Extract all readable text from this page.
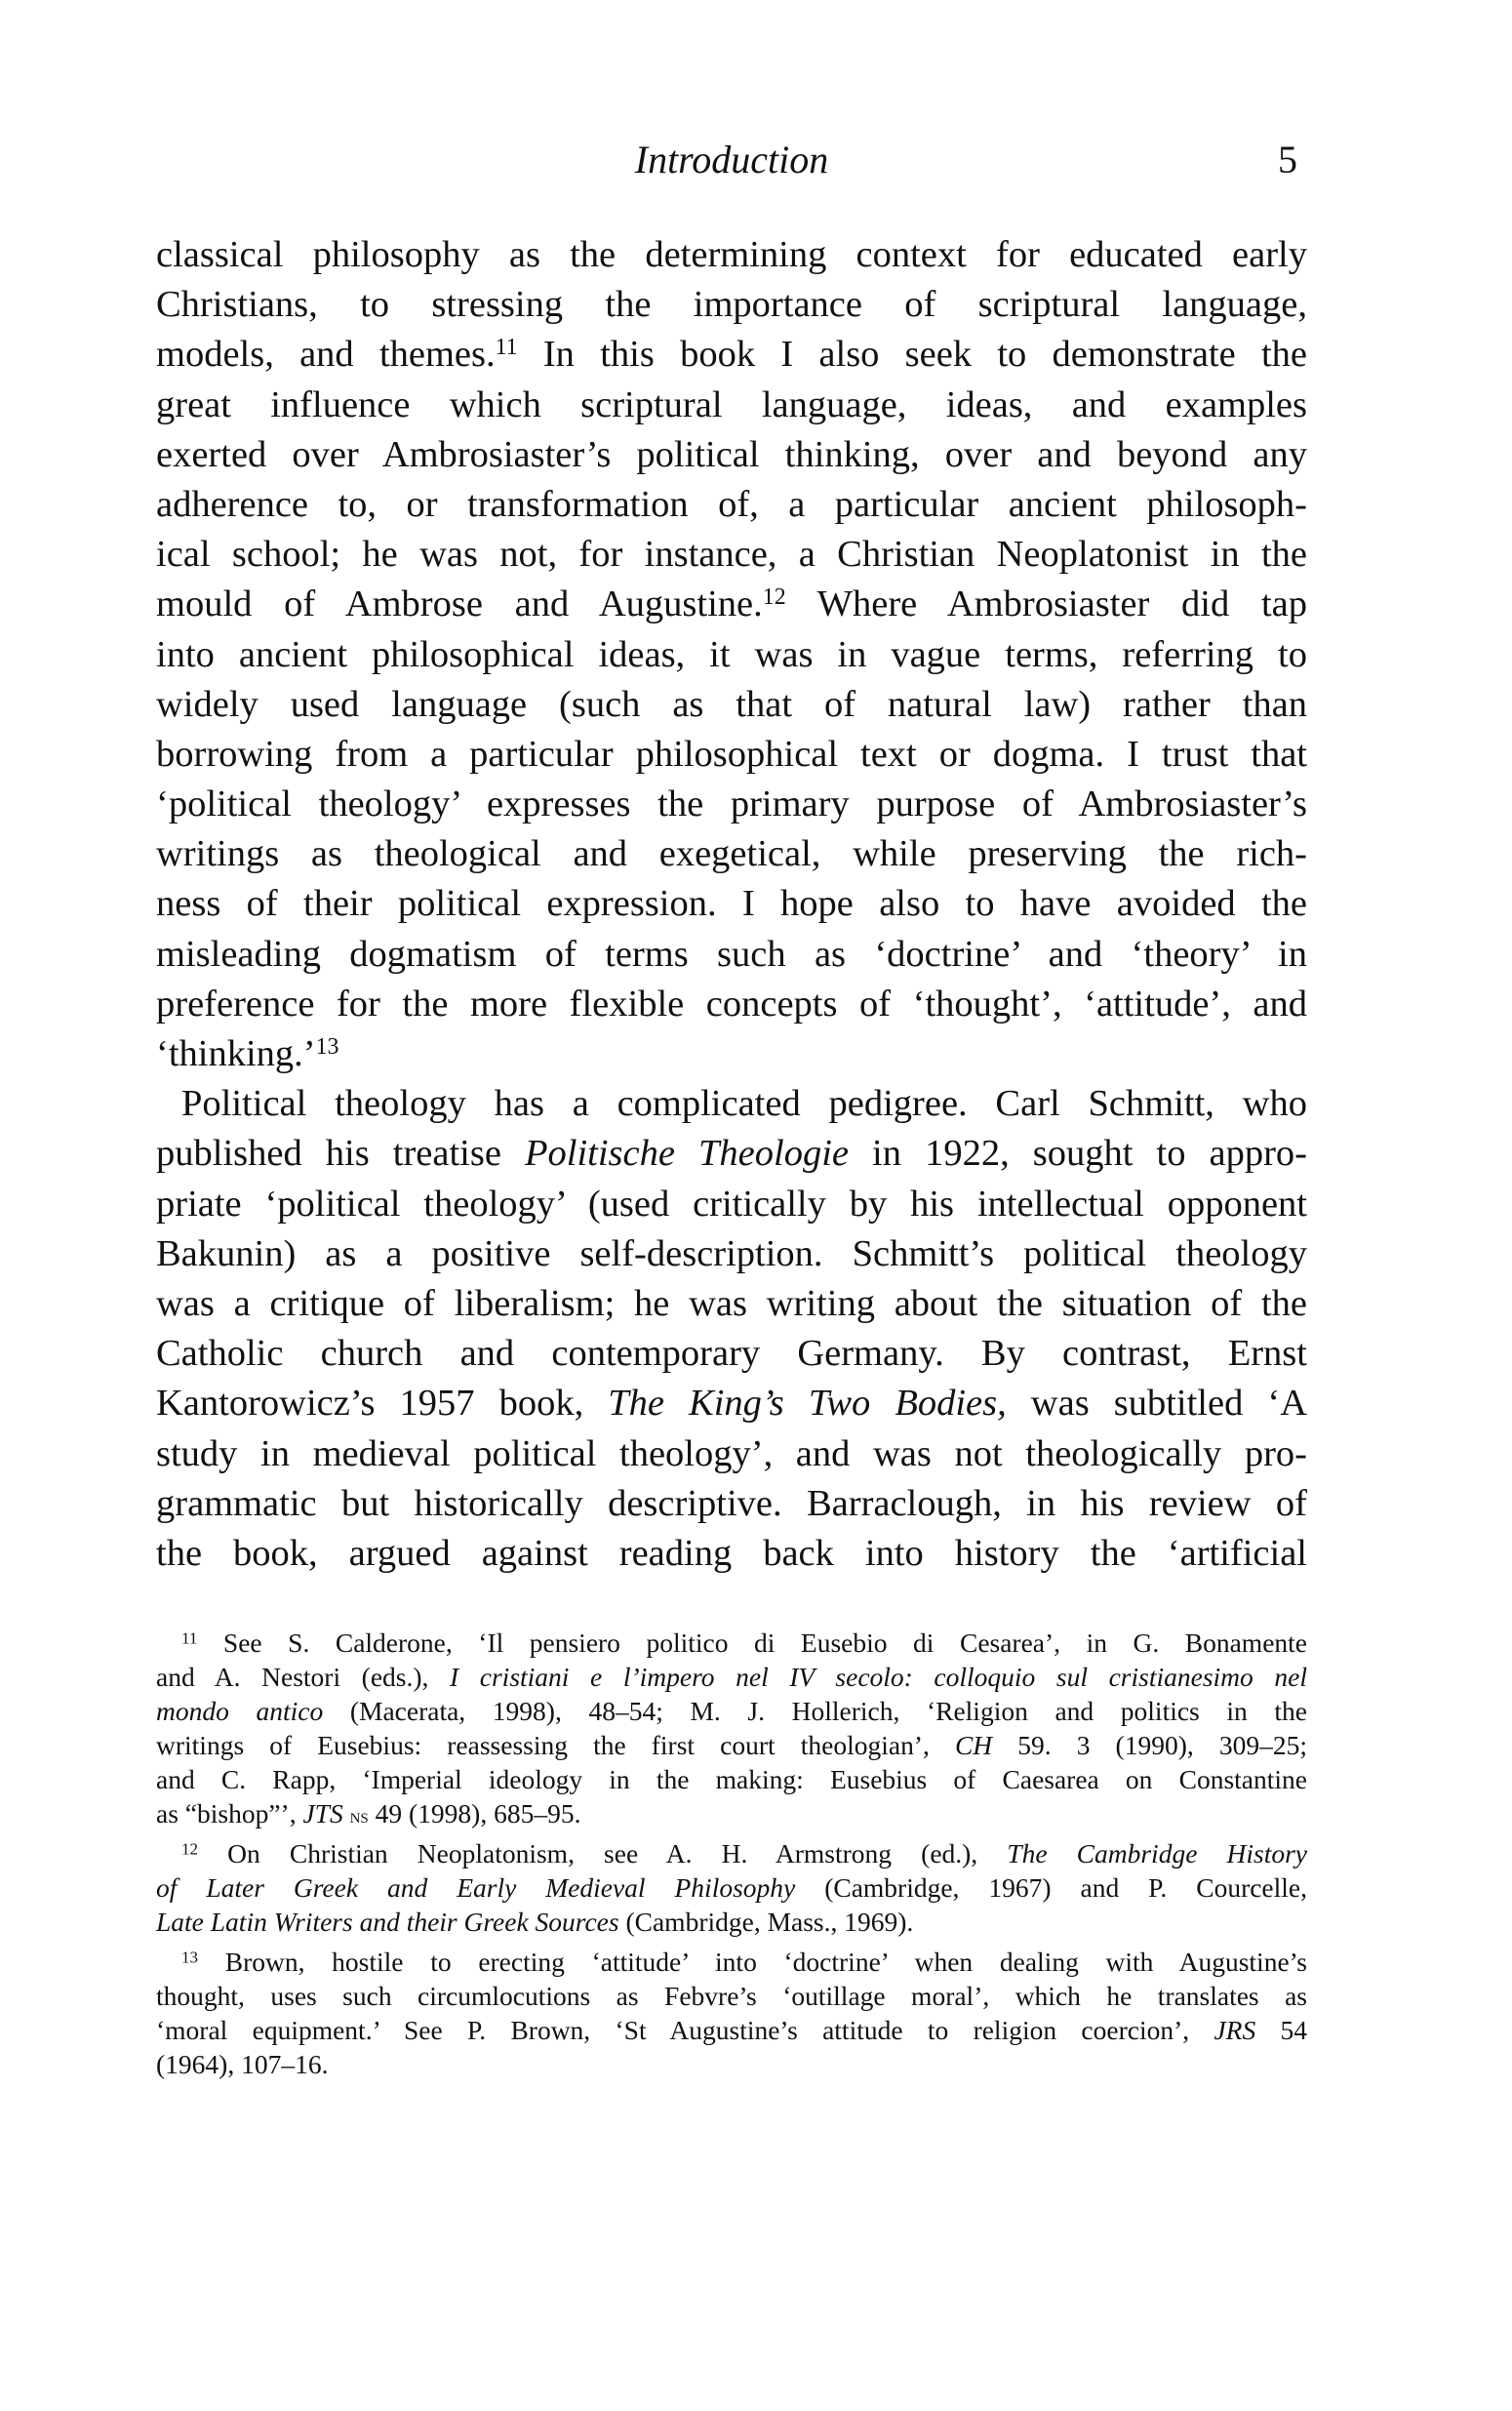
Introduction	5
classical philosophy as the determining context for educated early
Christians, to stressing the importance of scriptural language,
models, and themes.$^{11}$ In this book I also seek to demonstrate the
great influence which scriptural language, ideas, and examples
exerted over Ambrosiaster’s political thinking, over and beyond any
adherence to, or transformation of, a particular ancient philosoph-
ical school; he was not, for instance, a Christian Neoplatonist in the
mould of Ambrose and Augustine.$^{12}$ Where Ambrosiaster did tap
into ancient philosophical ideas, it was in vague terms, referring to
widely used language (such as that of natural law) rather than
borrowing from a particular philosophical text or dogma. I trust that
‘political theology’ expresses the primary purpose of Ambrosiaster’s
writings as theological and exegetical, while preserving the rich-
ness of their political expression. I hope also to have avoided the
misleading dogmatism of terms such as ‘doctrine’ and ‘theory’ in
preference for the more flexible concepts of ‘thought’, ‘attitude’, and
‘thinking.’$^{13}$
Political theology has a complicated pedigree. Carl Schmitt, who
published his treatise Politische Theologie in 1922, sought to appro-
priate ‘political theology’ (used critically by his intellectual opponent
Bakunin) as a positive self-description. Schmitt’s political theology
was a critique of liberalism; he was writing about the situation of the
Catholic church and contemporary Germany. By contrast, Ernst
Kantorowicz’s 1957 book, The King’s Two Bodies, was subtitled ‘A
study in medieval political theology’, and was not theologically pro-
grammatic but historically descriptive. Barraclough, in his review of
the book, argued against reading back into history the ‘artificial
$^{11}$ See S. Calderone, ‘Il pensiero politico di Eusebio di Cesarea’, in G. Bonamente
and A. Nestori (eds.), I cristiani e l’impero nel IV secolo: colloquio sul cristianesimo nel
mondo antico (Macerata, 1998), 48–54; M. J. Hollerich, ‘Religion and politics in the
writings of Eusebius: reassessing the first court theologian’, CH 59. 3 (1990), 309–25;
and C. Rapp, ‘Imperial ideology in the making: Eusebius of Caesarea on Constantine
as “bishop”’, JTS ns 49 (1998), 685–95.
$^{12}$ On Christian Neoplatonism, see A. H. Armstrong (ed.), The Cambridge History
of Later Greek and Early Medieval Philosophy (Cambridge, 1967) and P. Courcelle,
Late Latin Writers and their Greek Sources (Cambridge, Mass., 1969).
$^{13}$ Brown, hostile to erecting ‘attitude’ into ‘doctrine’ when dealing with Augustine’s
thought, uses such circumlocutions as Febvre’s ‘outillage moral’, which he translates as
‘moral equipment.’ See P. Brown, ‘St Augustine’s attitude to religion coercion’, JRS 54
(1964), 107–16.
